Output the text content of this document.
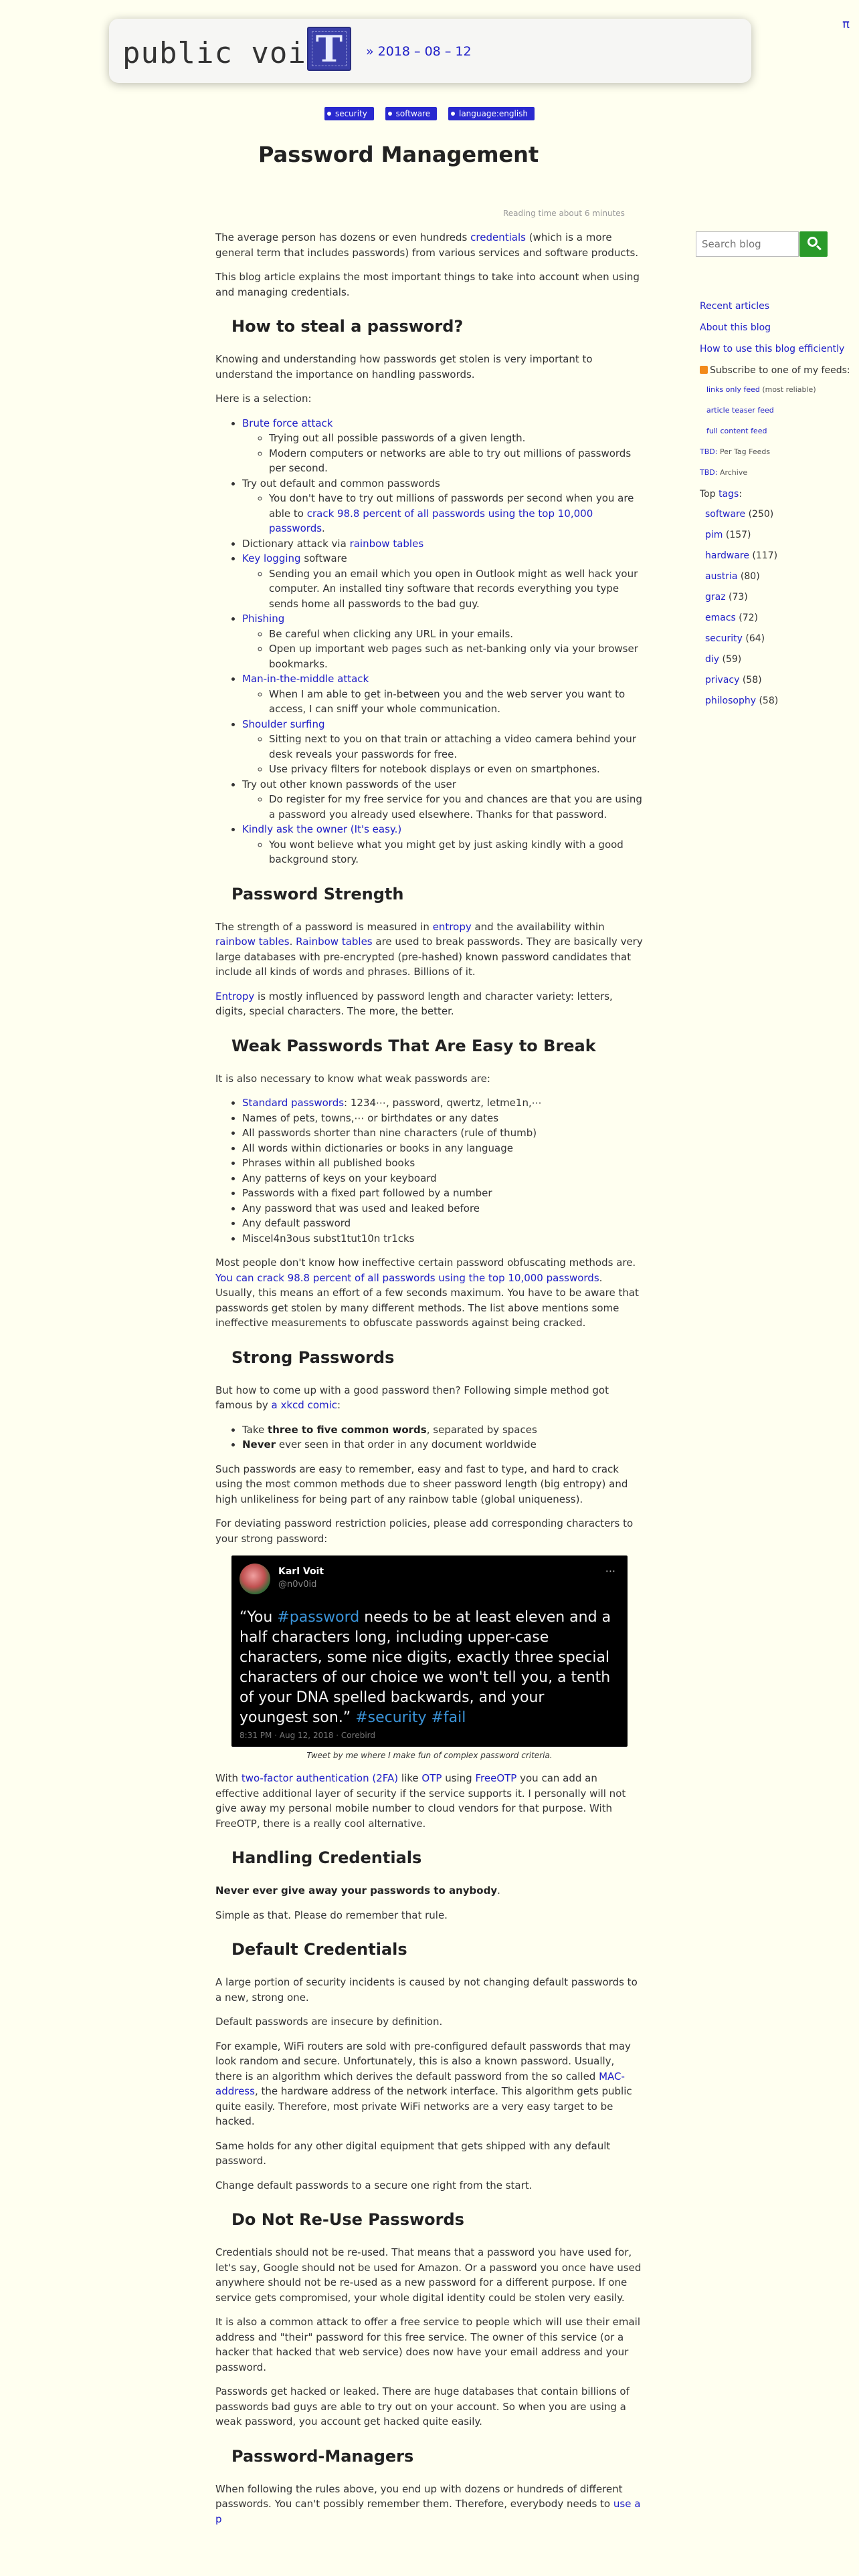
public voi T	» 2018 – 08 – 12
π
security	software	language:english
Password Management
Reading time about 6 minutes
Search blog
Recent articles
About this blog
How to use this blog efficiently
Subscribe to one of my feeds:
links only feed (most reliable)
article teaser feed
full content feed
TBD: Per Tag Feeds
TBD: Archive
Top tags:
software (250)
pim (157)
hardware (117)
austria (80)
graz (73)
emacs (72)
security (64)
diy (59)
privacy (58)
philosophy (58)

The average person has dozens or even hundreds credentials (which is a more general term that includes passwords) from various services and software products.

This blog article explains the most important things to take into account when using and managing credentials.

How to steal a password?

Knowing and understanding how passwords get stolen is very important to understand the importance on handling passwords.

Here is a selection:

• Brute force attack
◦ Trying out all possible passwords of a given length.
◦ Modern computers or networks are able to try out millions of passwords per second.
• Try out default and common passwords
◦ You don't have to try out millions of passwords per second when you are able to crack 98.8 percent of all passwords using the top 10,000 passwords.
• Dictionary attack via rainbow tables
• Key logging software
◦ Sending you an email which you open in Outlook might as well hack your computer. An installed tiny software that records everything you type sends home all passwords to the bad guy.
• Phishing
◦ Be careful when clicking any URL in your emails.
◦ Open up important web pages such as net-banking only via your browser bookmarks.
• Man-in-the-middle attack
◦ When I am able to get in-between you and the web server you want to access, I can sniff your whole communication.
• Shoulder surfing
◦ Sitting next to you on that train or attaching a video camera behind your desk reveals your passwords for free.
◦ Use privacy filters for notebook displays or even on smartphones.
• Try out other known passwords of the user
◦ Do register for my free service for you and chances are that you are using a password you already used elsewhere. Thanks for that password.
• Kindly ask the owner (It's easy.)
◦ You wont believe what you might get by just asking kindly with a good background story.
Password Strength

The strength of a password is measured in entropy and the availability within rainbow tables. Rainbow tables are used to break passwords. They are basically very large databases with pre-encrypted (pre-hashed) known password candidates that include all kinds of words and phrases. Billions of it.

Entropy is mostly influenced by password length and character variety: letters, digits, special characters. The more, the better.

Weak Passwords That Are Easy to Break

It is also necessary to know what weak passwords are:

• Standard passwords: 1234⋯, password, qwertz, letme1n,⋯
• Names of pets, towns,⋯ or birthdates or any dates
• All passwords shorter than nine characters (rule of thumb)
• All words within dictionaries or books in any language
• Phrases within all published books
• Any patterns of keys on your keyboard
• Passwords with a fixed part followed by a number
• Any password that was used and leaked before
• Any default password
• Miscel4n3ous subst1tut10n tr1cks

Most people don't know how ineffective certain password obfuscating methods are. You can crack 98.8 percent of all passwords using the top 10,000 passwords. Usually, this means an effort of a few seconds maximum. You have to be aware that passwords get stolen by many different methods. The list above mentions some ineffective measurements to obfuscate passwords against being cracked.

Strong Passwords

But how to come up with a good password then? Following simple method got famous by a xkcd comic:

• Take three to five common words, separated by spaces
• Never ever seen in that order in any document worldwide

Such passwords are easy to remember, easy and fast to type, and hard to crack using the most common methods due to sheer password length (big entropy) and high unlikeliness for being part of any rainbow table (global uniqueness).

For deviating password restriction policies, please add corresponding characters to your strong password:

Karl Voit
@n0v0id
···
“You #password needs to be at least eleven and a half characters long, including upper-case characters, some nice digits, exactly three special characters of our choice we won't tell you, a tenth of your DNA spelled backwards, and your youngest son.” #security #fail
8:31 PM · Aug 12, 2018 · Corebird
Tweet by me where I make fun of complex password criteria.

With two-factor authentication (2FA) like OTP using FreeOTP you can add an effective additional layer of security if the service supports it. I personally will not give away my personal mobile number to cloud vendors for that purpose. With FreeOTP, there is a really cool alternative.

Handling Credentials

Never ever give away your passwords to anybody.

Simple as that. Please do remember that rule.

Default Credentials

A large portion of security incidents is caused by not changing default passwords to a new, strong one.

Default passwords are insecure by definition.

For example, WiFi routers are sold with pre-configured default passwords that may look random and secure. Unfortunately, this is also a known password. Usually, there is an algorithm which derives the default password from the so called MAC-address, the hardware address of the network interface. This algorithm gets public quite easily. Therefore, most private WiFi networks are a very easy target to be hacked.

Same holds for any other digital equipment that gets shipped with any default password.

Change default passwords to a secure one right from the start.

Do Not Re-Use Passwords

Credentials should not be re-used. That means that a password you have used for, let's say, Google should not be used for Amazon. Or a password you once have used anywhere should not be re-used as a new password for a different purpose. If one service gets compromised, your whole digital identity could be stolen very easily.

It is also a common attack to offer a free service to people which will use their email address and "their" password for this free service. The owner of this service (or a hacker that hacked that web service) does now have your email address and your password.

Passwords get hacked or leaked. There are huge databases that contain billions of passwords bad guys are able to try out on your account. So when you are using a weak password, you account get hacked quite easily.

Password-Managers

When following the rules above, you end up with dozens or hundreds of different passwords. You can't possibly remember them. Therefore, everybody needs to use a p
